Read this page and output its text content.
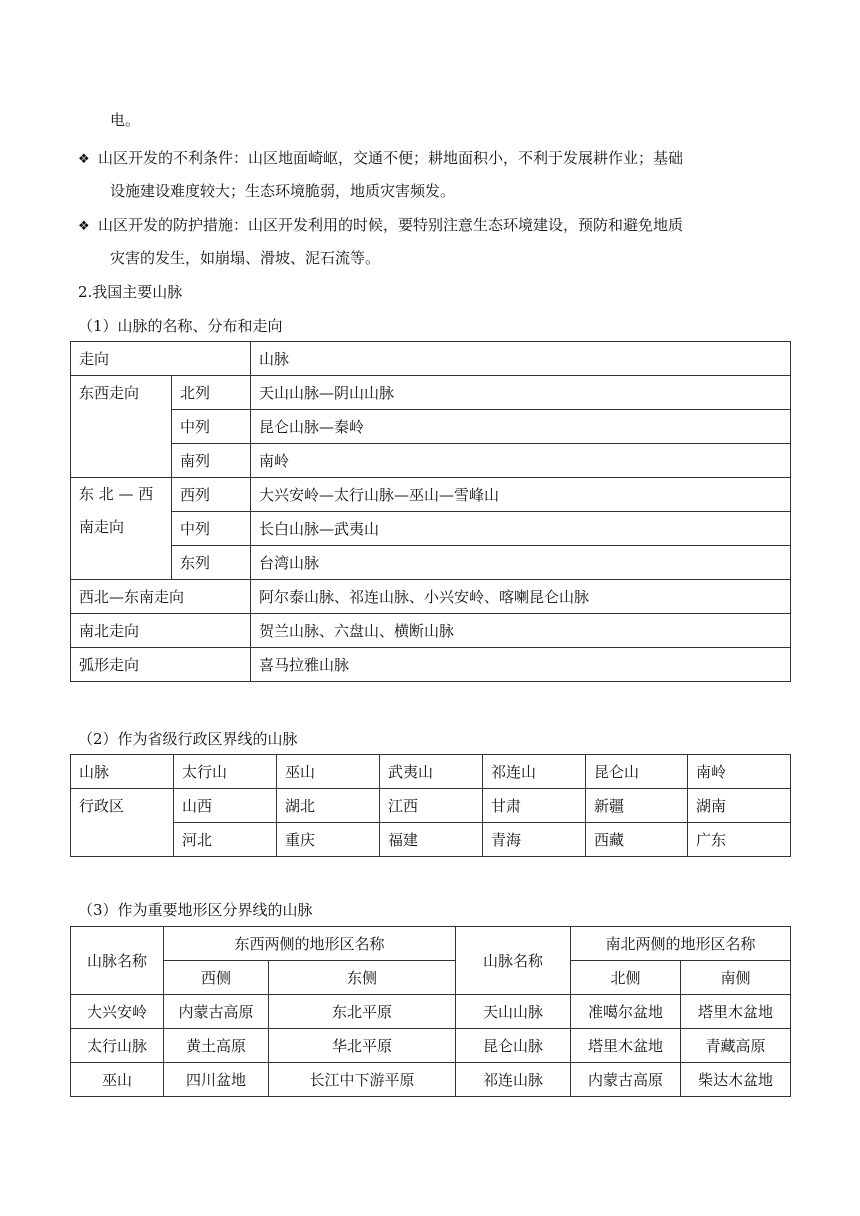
电。
❖ 山区开发的不利条件：山区地面崎岖，交通不便；耕地面积小，不利于发展耕作业；基础
设施建设难度较大；生态环境脆弱，地质灾害频发。
❖ 山区开发的防护措施：山区开发利用的时候，要特别注意生态环境建设，预防和避免地质
灾害的发生，如崩塌、滑坡、泥石流等。
2.我国主要山脉
（1）山脉的名称、分布和走向
走向		山脉
东西走向	北列	天山山脉—阴山山脉
	中列	昆仑山脉—秦岭
	南列	南岭
东 北 — 西 南走向	西列	大兴安岭—太行山脉—巫山—雪峰山
	中列	长白山脉—武夷山
	东列	台湾山脉
西北—东南走向		阿尔泰山脉、祁连山脉、小兴安岭、喀喇昆仑山脉
南北走向		贺兰山脉、六盘山、横断山脉
弧形走向		喜马拉雅山脉
（2）作为省级行政区界线的山脉
山脉	太行山	巫山	武夷山	祁连山	昆仑山	南岭
行政区	山西	湖北	江西	甘肃	新疆	湖南
	河北	重庆	福建	青海	西藏	广东
（3）作为重要地形区分界线的山脉
山脉名称	东西两侧的地形区名称		山脉名称	南北两侧的地形区名称	
	西侧	东侧		北侧	南侧
大兴安岭	内蒙古高原	东北平原	天山山脉	准噶尔盆地	塔里木盆地
太行山脉	黄土高原	华北平原	昆仑山脉	塔里木盆地	青藏高原
巫山	四川盆地	长江中下游平原	祁连山脉	内蒙古高原	柴达木盆地
